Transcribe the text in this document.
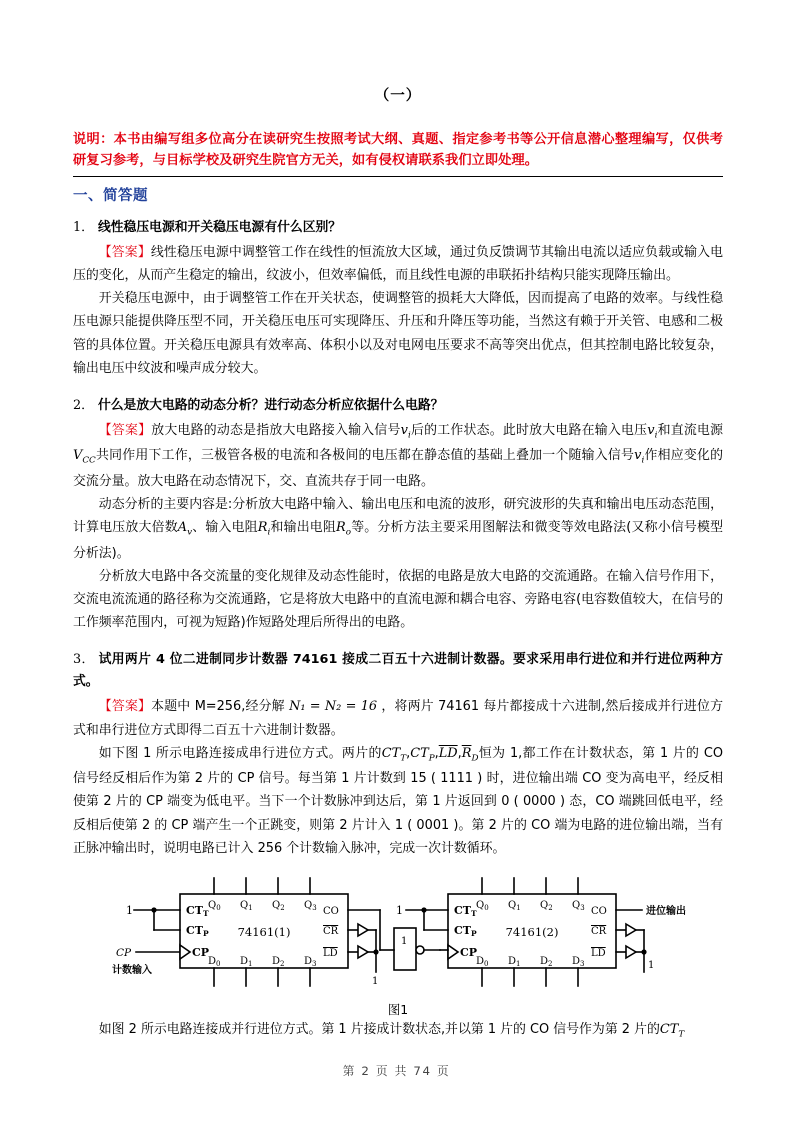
（一）
说明：本书由编写组多位高分在读研究生按照考试大纲、真题、指定参考书等公开信息潜心整理编写，仅供考研复习参考，与目标学校及研究生院官方无关，如有侵权请联系我们立即处理。
一、简答题
1． 线性稳压电源和开关稳压电源有什么区别？

【答案】线性稳压电源中调整管工作在线性的恒流放大区域，通过负反馈调节其输出电流以适应负载或输入电压的变化，从而产生稳定的输出，纹波小，但效率偏低，而且线性电源的串联拓扑结构只能实现降压输出。

开关稳压电源中，由于调整管工作在开关状态，使调整管的损耗大大降低，因而提高了电路的效率。与线性稳压电源只能提供降压型不同，开关稳压电压可实现降压、升压和升降压等功能，当然这有赖于开关管、电感和二极管的具体位置。开关稳压电源具有效率高、体积小以及对电网电压要求不高等突出优点，但其控制电路比较复杂，输出电压中纹波和噪声成分较大。

2． 什么是放大电路的动态分析？进行动态分析应依据什么电路？

【答案】放大电路的动态是指放大电路接入输入信号$v_i$后的工作状态。此时放大电路在输入电压$v_i$和直流电源$V_{CC}$共同作用下工作，三极管各极的电流和各极间的电压都在静态值的基础上叠加一个随输入信号$v_i$作相应变化的交流分量。放大电路在动态情况下，交、直流共存于同一电路。

动态分析的主要内容是:分析放大电路中输入、输出电压和电流的波形，研究波形的失真和输出电压动态范围，计算电压放大倍数$A_v$、输入电阻$R_i$和输出电阻$R_o$等。分析方法主要采用图解法和微变等效电路法(又称小信号模型分析法)。

分析放大电路中各交流量的变化规律及动态性能时，依据的电路是放大电路的交流通路。在输入信号作用下，交流电流流通的路径称为交流通路，它是将放大电路中的直流电源和耦合电容、旁路电容(电容数值较大，在信号的工作频率范围内，可视为短路)作短路处理后所得出的电路。

3． 试用两片 4 位二进制同步计数器 74161 接成二百五十六进制计数器。要求采用串行进位和并行进位两种方式。

【答案】本题中 M=256,经分解 N₁ = N₂ = 16 ，将两片 74161 每片都接成十六进制,然后接成并行进位方式和串行进位方式即得二百五十六进制计数器。

如下图 1 所示电路连接成串行进位方式。两片的$CT_T,CT_P,\overline{LD},\overline{R}_D$恒为 1,都工作在计数状态，第 1 片的 CO 信号经反相后作为第 2 片的 CP 信号。每当第 1 片计数到 15 ( 1111 ) 时，进位输出端 CO 变为高电平，经反相使第 2 片的 CP 端变为低电平。当下一个计数脉冲到达后，第 1 片返回到 0 ( 0000 ) 态，CO 端跳回低电平，经反相后使第 2 的 CP 端产生一个正跳变，则第 2 片计入 1 ( 0001 )。第 2 片的 CO 端为电路的进位输出端，当有正脉冲输出时，说明电路已计入 256 个计数输入脉冲，完成一次计数循环。

1	CTT
CTP
CP
CP
计数输入
74161(1)
$Q_0$ $Q_1$ $Q_2$ $Q_3$
$D_0$ $D_1$ $D_2$ $D_3$
CO
CR
LD
1
1
1	CTT
CTP
CP
74161(2)
$Q_0$ $Q_1$ $Q_2$ $Q_3$
$D_0$ $D_1$ $D_2$ $D_3$
CO
CR
LD
进位输出
1
图1

如图 2 所示电路连接成并行进位方式。第 1 片接成计数状态,并以第 1 片的 CO 信号作为第 2 片的$CT_T$

第 2 页 共 74 页
